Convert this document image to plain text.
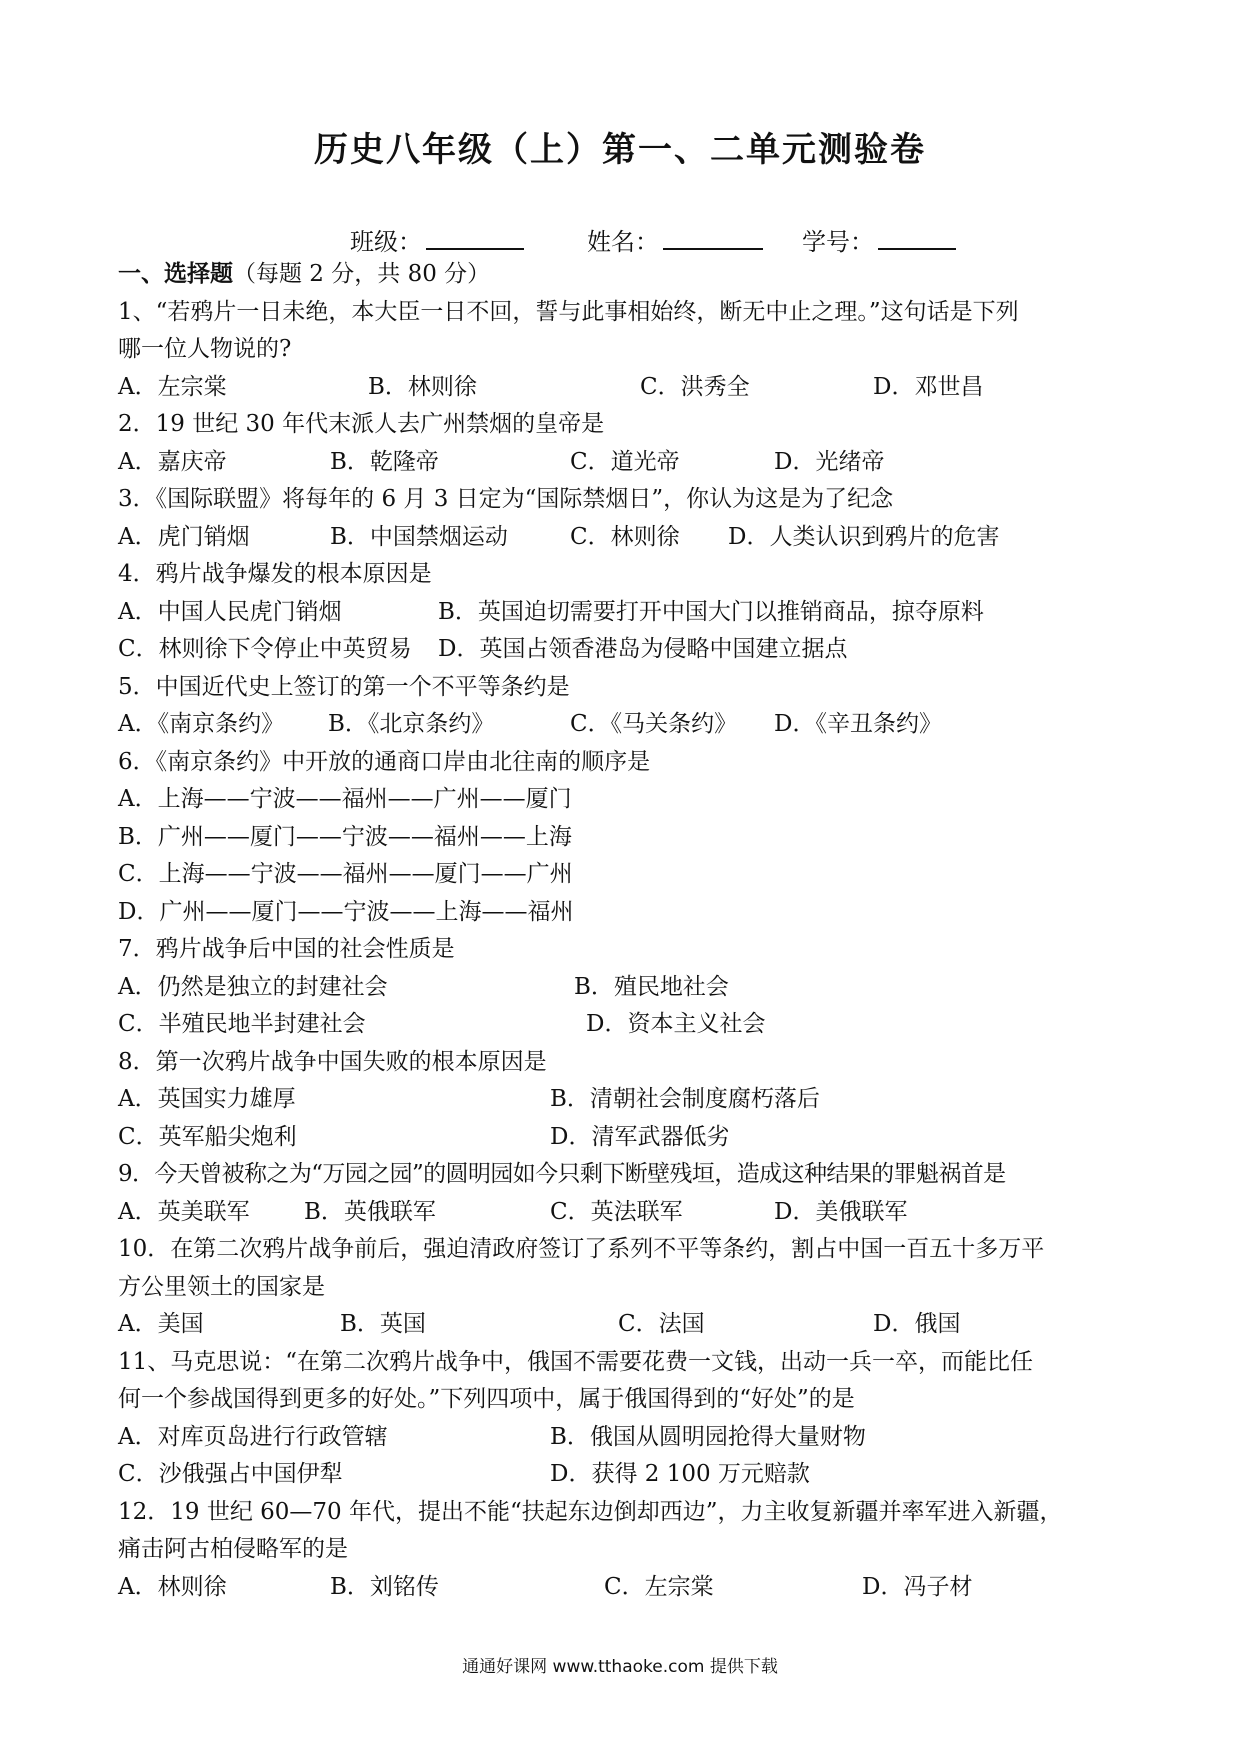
历史八年级（上）第一、二单元测验卷
班级：	姓名：	学号：
一、选择题（每题 2 分，共 80 分）
1、“若鸦片一日未绝，本大臣一日不回，誓与此事相始终，断无中止之理。”这句话是下列
哪一位人物说的?
A．左宗棠	B．林则徐	C．洪秀全	D．邓世昌
2．19 世纪 30 年代末派人去广州禁烟的皇帝是
A．嘉庆帝	B．乾隆帝	C．道光帝	D．光绪帝
3．《国际联盟》将每年的 6 月 3 日定为“国际禁烟日”，你认为这是为了纪念
A．虎门销烟	B．中国禁烟运动	C．林则徐 D．人类认识到鸦片的危害
4．鸦片战争爆发的根本原因是
A．中国人民虎门销烟	B．英国迫切需要打开中国大门以推销商品，掠夺原料
C．林则徐下令停止中英贸易 D．英国占领香港岛为侵略中国建立据点
5．中国近代史上签订的第一个不平等条约是
A．《南京条约》 B．《北京条约》	C．《马关条约》 D．《辛丑条约》
6．《南京条约》中开放的通商口岸由北往南的顺序是
A．上海——宁波——福州——广州——厦门
B．广州——厦门——宁波——福州——上海
C．上海——宁波——福州——厦门——广州
D．广州——厦门——宁波——上海——福州
7．鸦片战争后中国的社会性质是
A．仍然是独立的封建社会	B．殖民地社会
C．半殖民地半封建社会	D．资本主义社会
8．第一次鸦片战争中国失败的根本原因是
A．英国实力雄厚	B．清朝社会制度腐朽落后
C．英军船尖炮利	D．清军武器低劣
9．今天曾被称之为“万园之园”的圆明园如今只剩下断壁残垣，造成这种结果的罪魁祸首是
A．英美联军 B．英俄联军	C．英法联军	D．美俄联军
10．在第二次鸦片战争前后，强迫清政府签订了系列不平等条约，割占中国一百五十多万平
方公里领土的国家是
A．美国	B．英国	C．法国	D．俄国
11、马克思说：“在第二次鸦片战争中，俄国不需要花费一文钱，出动一兵一卒，而能比任
何一个参战国得到更多的好处。”下列四项中，属于俄国得到的“好处”的是
A．对库页岛进行行政管辖	B．俄国从圆明园抢得大量财物
C．沙俄强占中国伊犁	D．获得 2 100 万元赔款
12．19 世纪 60—70 年代，提出不能“扶起东边倒却西边”，力主收复新疆并率军进入新疆，
痛击阿古柏侵略军的是
A．林则徐	B．刘铭传	C．左宗棠	D．冯子材
通通好课网 www.tthaoke.com 提供下载
